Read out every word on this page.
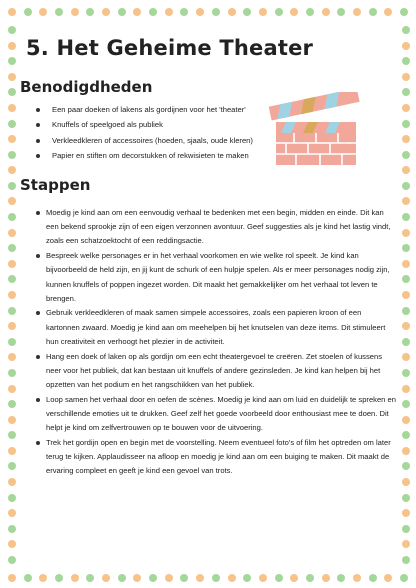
5. Het Geheime Theater
Benodigdheden
Een paar doeken of lakens als gordijnen voor het 'theater'
Knuffels of speelgoed als publiek
Verkleedkleren of accessoires (hoeden, sjaals, oude kleren)
Papier en stiften om decorstukken of rekwisieten te maken
Stappen
Moedig je kind aan om een eenvoudig verhaal te bedenken met een begin, midden en einde. Dit kan een bekend sprookje zijn of een eigen verzonnen avontuur. Geef suggesties als je kind het lastig vindt, zoals een schatzoektocht of een reddingsactie.
Bespreek welke personages er in het verhaal voorkomen en wie welke rol speelt. Je kind kan bijvoorbeeld de held zijn, en jij kunt de schurk of een hulpje spelen. Als er meer personages nodig zijn, kunnen knuffels of poppen ingezet worden. Dit maakt het gemakkelijker om het verhaal tot leven te brengen.
Gebruik verkleedkleren of maak samen simpele accessoires, zoals een papieren kroon of een kartonnen zwaard. Moedig je kind aan om meehelpen bij het knutselen van deze items. Dit stimuleert hun creativiteit en verhoogt het plezier in de activiteit.
Hang een doek of laken op als gordijn om een echt theatergevoel te creëren. Zet stoelen of kussens neer voor het publiek, dat kan bestaan uit knuffels of andere gezinsleden. Je kind kan helpen bij het opzetten van het podium en het rangschikken van het publiek.
Loop samen het verhaal door en oefen de scènes. Moedig je kind aan om luid en duidelijk te spreken en verschillende emoties uit te drukken. Geef zelf het goede voorbeeld door enthousiast mee te doen. Dit helpt je kind om zelfvertrouwen op te bouwen voor de uitvoering.
Trek het gordijn open en begin met de voorstelling. Neem eventueel foto's of film het optreden om later terug te kijken. Applaudisseer na afloop en moedig je kind aan om een buiging te maken. Dit maakt de ervaring compleet en geeft je kind een gevoel van trots.
